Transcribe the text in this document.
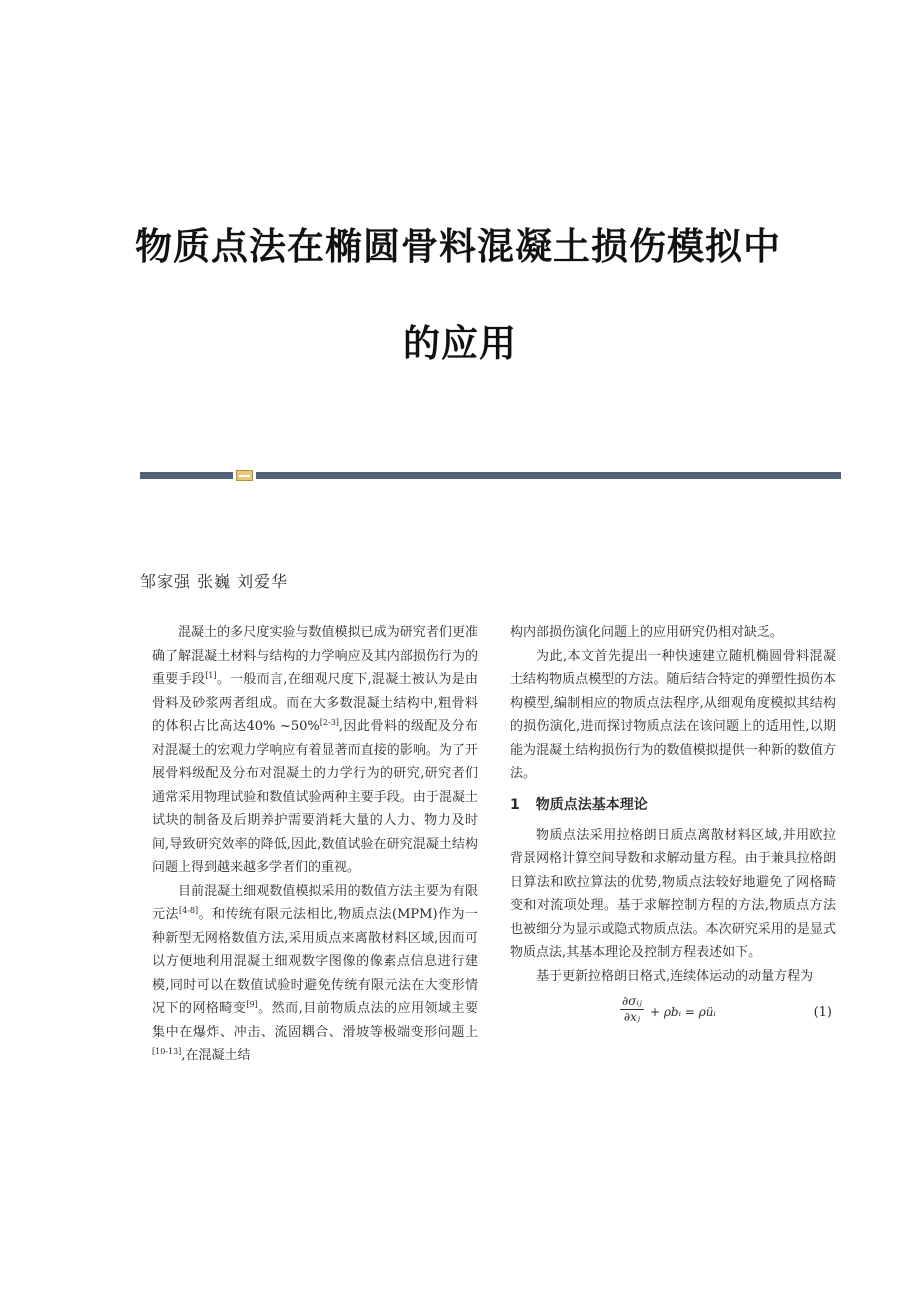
物质点法在椭圆骨料混凝土损伤模拟中
的应用
邹家强 张巍 刘爱华

混凝土的多尺度实验与数值模拟已成为研究者们更准确了解混凝土材料与结构的力学响应及其内部损伤行为的重要手段[1]。一般而言,在细观尺度下,混凝土被认为是由骨料及砂浆两者组成。而在大多数混凝土结构中,粗骨料的体积占比高达40% ~50%[2-3],因此骨料的级配及分布对混凝土的宏观力学响应有着显著而直接的影响。为了开展骨料级配及分布对混凝土的力学行为的研究,研究者们通常采用物理试验和数值试验两种主要手段。由于混凝土试块的制备及后期养护需要消耗大量的人力、物力及时间,导致研究效率的降低,因此,数值试验在研究混凝土结构问题上得到越来越多学者们的重视。

目前混凝土细观数值模拟采用的数值方法主要为有限元法[4-8]。和传统有限元法相比,物质点法(MPM)作为一种新型无网格数值方法,采用质点来离散材料区域,因而可以方便地利用混凝土细观数字图像的像素点信息进行建模,同时可以在数值试验时避免传统有限元法在大变形情况下的网格畸变[9]。然而,目前物质点法的应用领域主要集中在爆炸、冲击、流固耦合、滑坡等极端变形问题上[10-13],在混凝土结

构内部损伤演化问题上的应用研究仍相对缺乏。

为此,本文首先提出一种快速建立随机椭圆骨料混凝土结构物质点模型的方法。随后结合特定的弹塑性损伤本构模型,编制相应的物质点法程序,从细观角度模拟其结构的损伤演化,进而探讨物质点法在该问题上的适用性,以期能为混凝土结构损伤行为的数值模拟提供一种新的数值方法。

1 物质点法基本理论

物质点法采用拉格朗日质点离散材料区域,并用欧拉背景网格计算空间导数和求解动量方程。由于兼具拉格朗日算法和欧拉算法的优势,物质点法较好地避免了网格畸变和对流项处理。基于求解控制方程的方法,物质点方法也被细分为显示或隐式物质点法。本次研究采用的是显式物质点法,其基本理论及控制方程表述如下。

基于更新拉格朗日格式,连续体运动的动量方程为

∂σᵢⱼ
∂xⱼ + ρbᵢ = ρüᵢ	(1)
